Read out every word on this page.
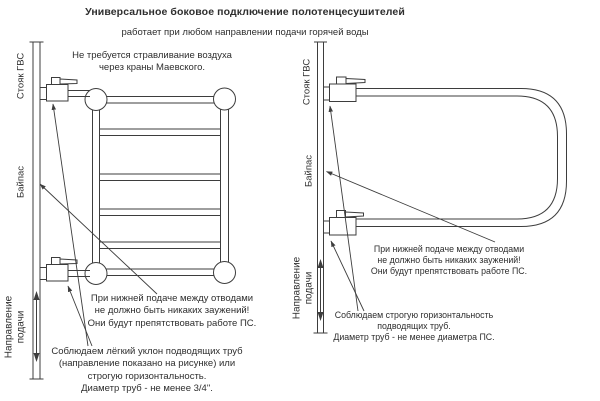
Универсальное боковое подключение полотенцесушителей
работает при любом направлении подачи горячей воды
Стояк ГВС
Байпас
Направление подачи
Не требуется стравливание воздуха
через краны Маевского.
При нижней подаче между отводами
не должно быть никаких заужений!
Они будут препятствовать работе ПС.
Соблюдаем лёгкий уклон подводящих труб
(направление показано на рисунке) или
строгую горизонтальность.
Диаметр труб - не менее 3/4".
Стояк ГВС
Байпас
Направление подачи
При нижней подаче между отводами
не должно быть никаких заужений!
Они будут препятствовать работе ПС.
Соблюдаем строгую горизонтальность
подводящих труб.
Диаметр труб - не менее диаметра ПС.
